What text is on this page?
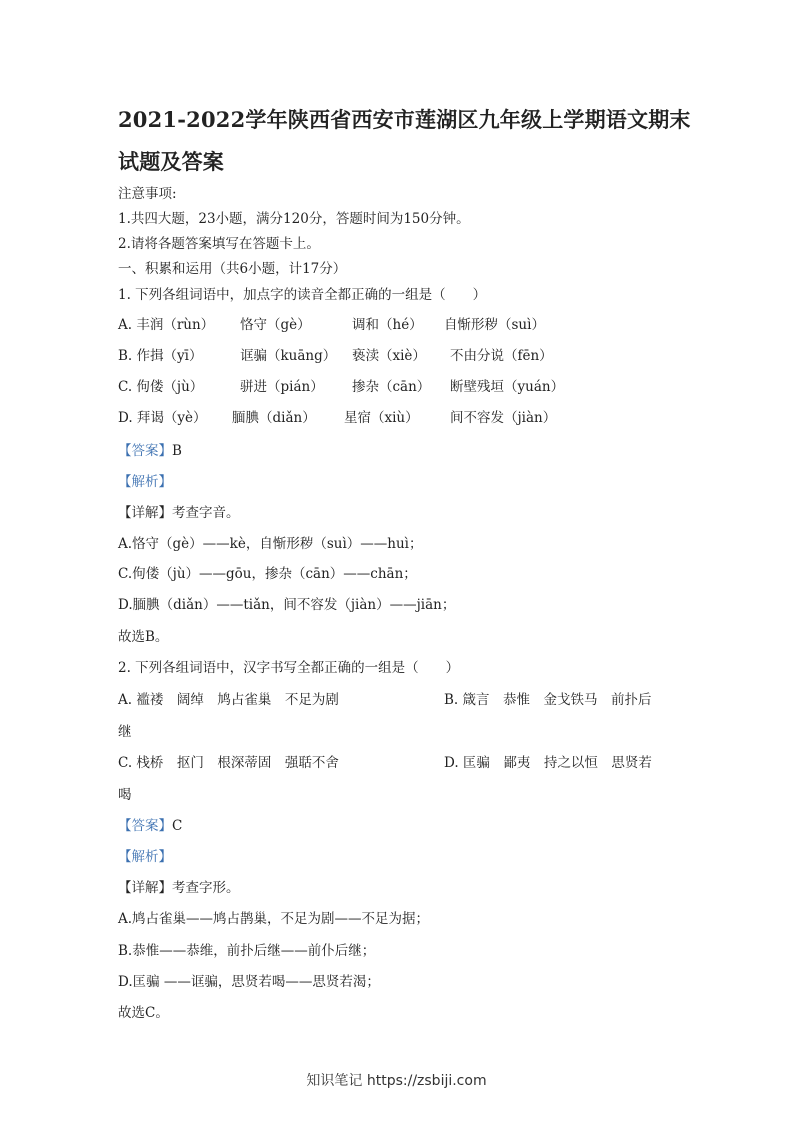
2021-2022学年陕西省西安市莲湖区九年级上学期语文期末
试题及答案
注意事项:
1.共四大题，23小题，满分120分，答题时间为150分钟。
2.请将各题答案填写在答题卡上。
一、积累和运用（共6小题，计17分）
1. 下列各组词语中，加点字的读音全都正确的一组是（　　）
A. 丰润（rùn） 恪守（gè）	调和（hé） 自惭形秽（suì）
B. 作揖（yī）	诓骗（kuāng） 亵渎（xiè） 不由分说（fēn）
C. 佝偻（jù）	骈进（pián） 掺杂（cān） 断壁残垣（yuán）
D. 拜谒（yè） 腼腆（diǎn） 星宿（xiù） 间不容发（jiàn）
【答案】B
【解析】
【详解】考查字音。
A.恪守（gè）——kè，自惭形秽（suì）——huì；
C.佝偻（jù）——gōu，掺杂（cān）——chān；
D.腼腆（diǎn）——tiǎn，间不容发（jiàn）——jiān；
故选B。
2. 下列各组词语中，汉字书写全都正确的一组是（　　）
A. 褴褛　阔绰　鸠占雀巢　不足为剧	B. 箴言　恭惟　金戈铁马　前扑后
继
C. 栈桥　抠门　根深蒂固　强聒不舍	D. 匡骗　鄙夷　持之以恒　思贤若
喝
【答案】C
【解析】
【详解】考查字形。
A.鸠占雀巢——鸠占鹊巢，不足为剧——不足为据；
B.恭惟——恭维，前扑后继——前仆后继；
D.匡骗 ——诓骗，思贤若喝——思贤若渴；
故选C。
知识笔记 https://zsbiji.com
